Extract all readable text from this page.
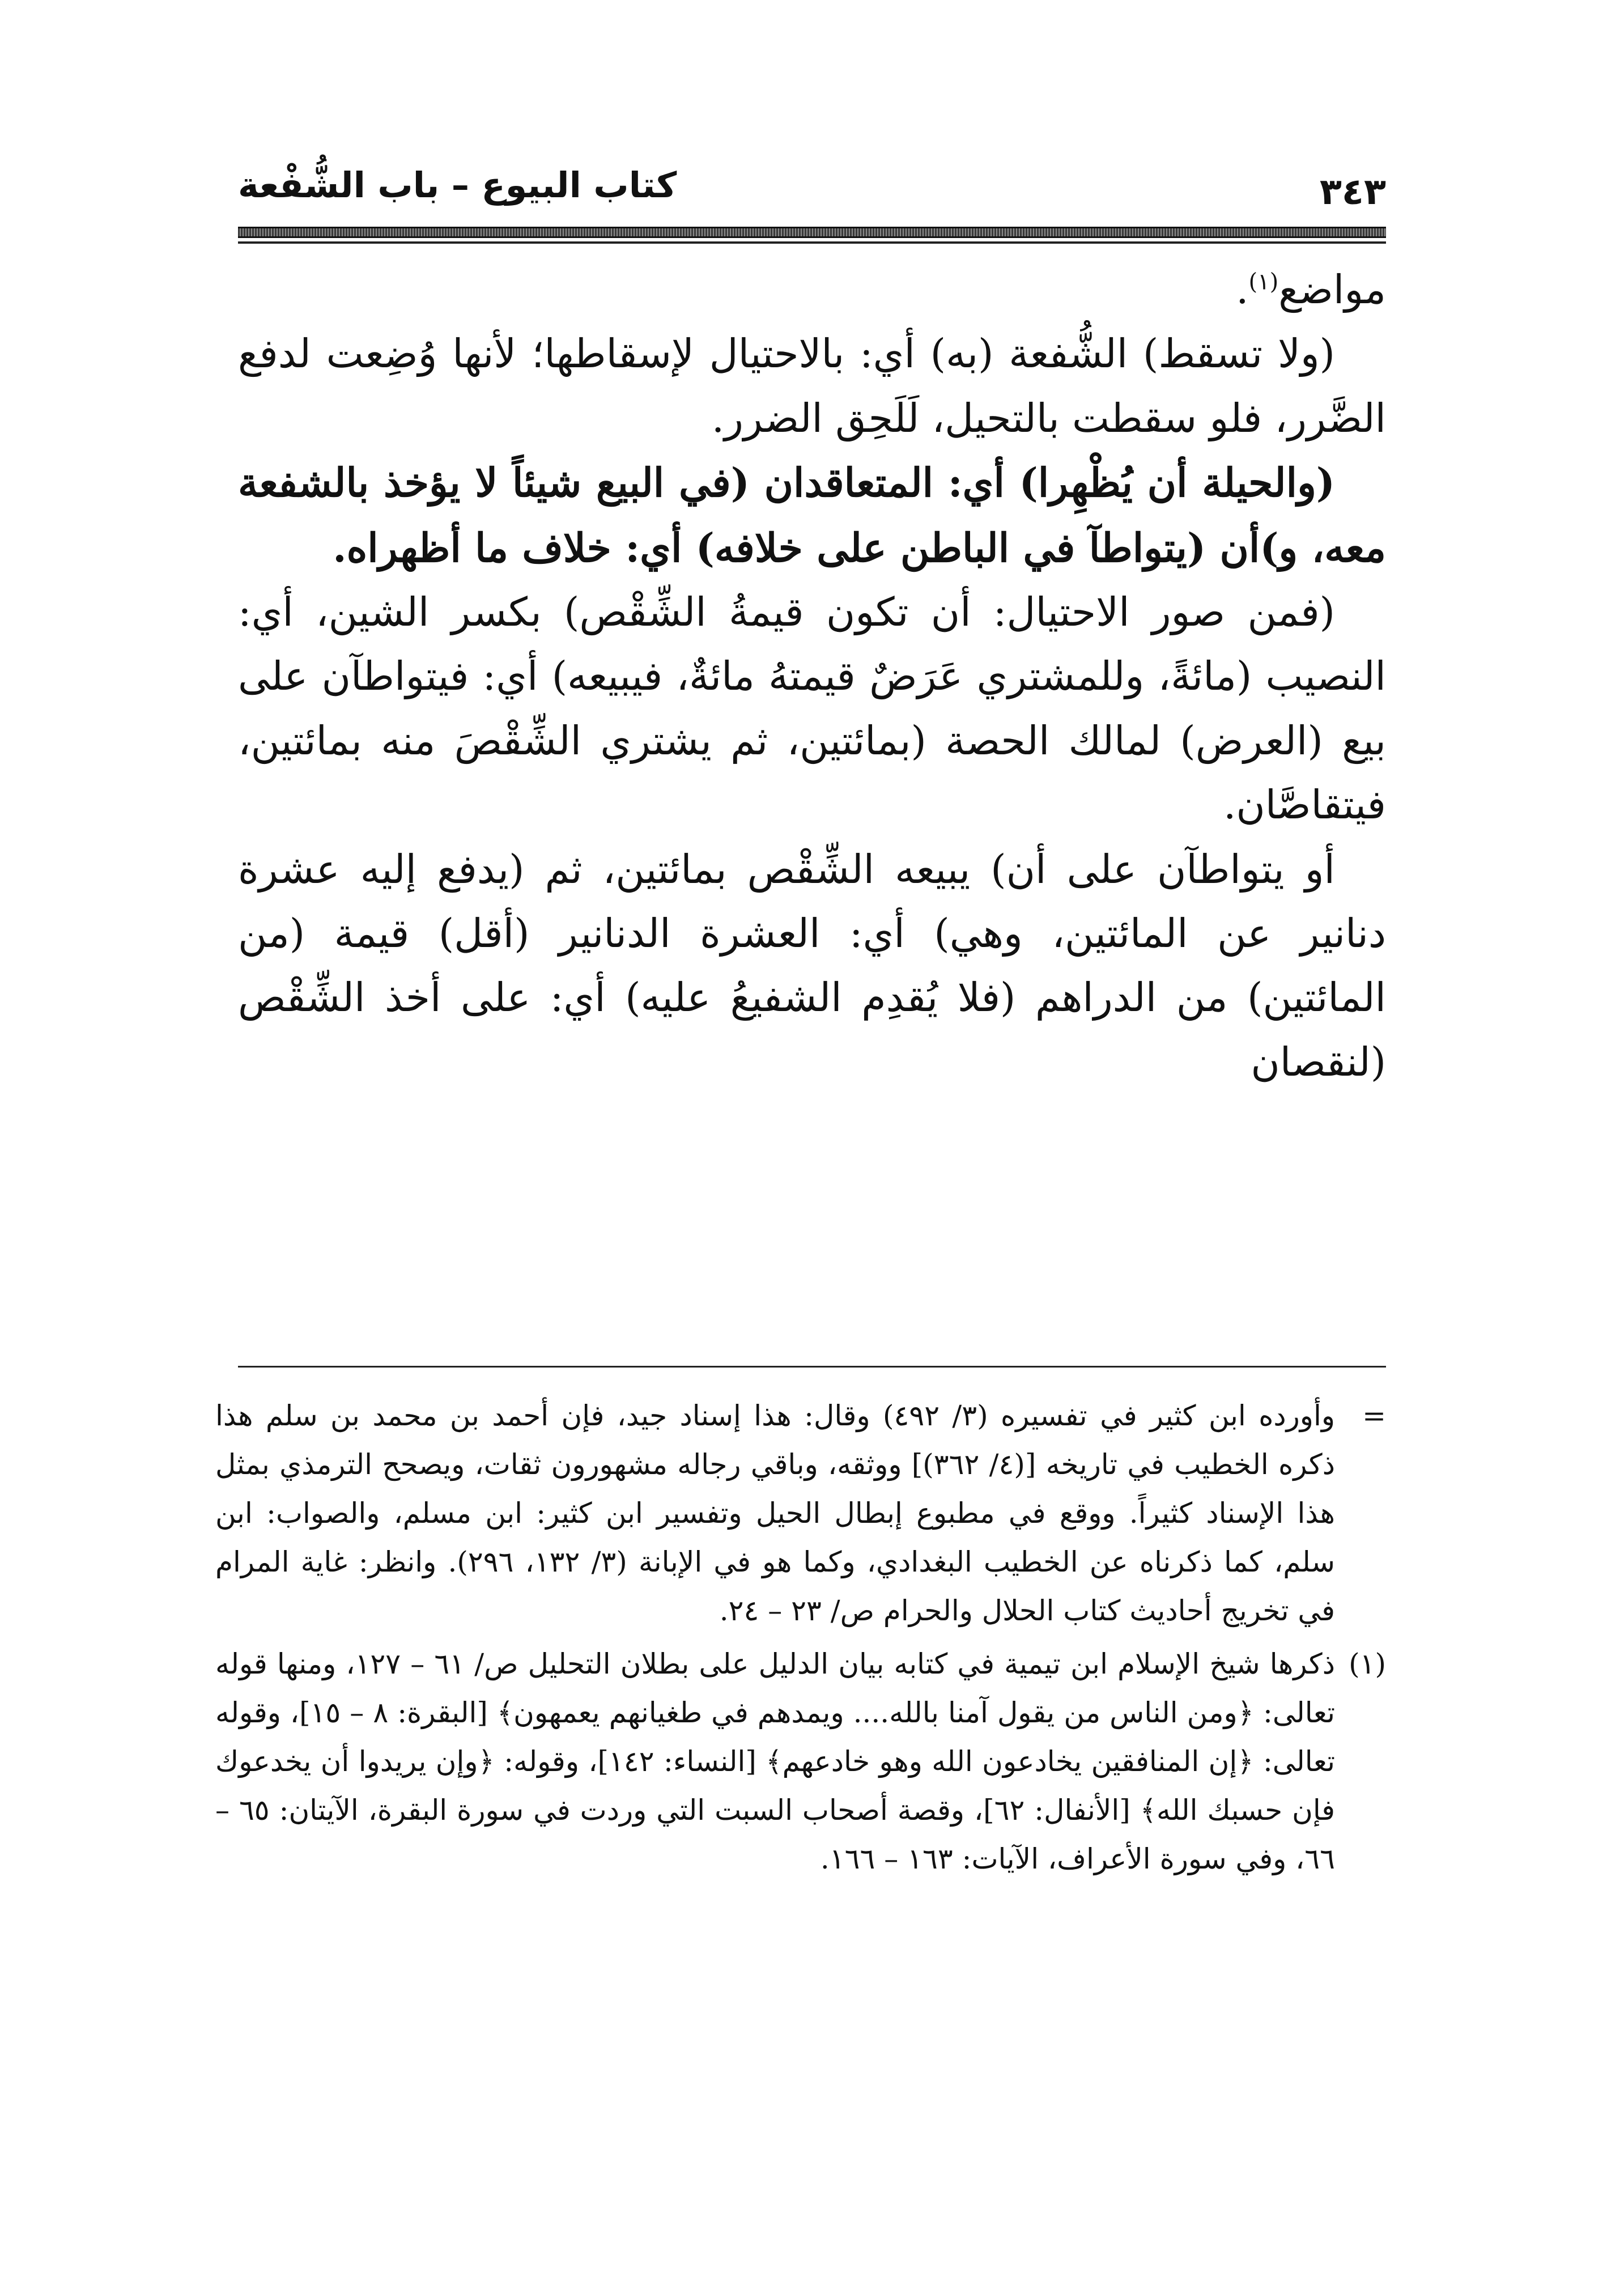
كتاب البيوع – باب الشُّفْعة	٣٤٣

مواضع$^{(١)}$.

(ولا تسقط) الشُّفعة (به) أي: بالاحتيال لإسقاطها؛ لأنها وُضِعت لدفع الضَّرر، فلو سقطت بالتحيل، لَلَحِق الضرر.

(والحيلة أن يُظْهِرا) أي: المتعاقدان (في البيع شيئاً لا يؤخذ بالشفعة معه، و)أن (يتواطآ في الباطن على خلافه) أي: خلاف ما أظهراه.

(فمن صور الاحتيال: أن تكون قيمةُ الشِّقْص) بكسر الشين، أي: النصيب (مائةً، وللمشتري عَرَضٌ قيمتهُ مائةٌ، فيبيعه) أي: فيتواطآن على بيع (العرض) لمالك الحصة (بمائتين، ثم يشتري الشِّقْصَ منه بمائتين، فيتقاصَّان.

أو يتواطآن على أن) يبيعه الشِّقْص بمائتين، ثم (يدفع إليه عشرة دنانير عن المائتين، وهي) أي: العشرة الدنانير (أقل) قيمة (من المائتين) من الدراهم (فلا يُقدِم الشفيعُ عليه) أي: على أخذ الشِّقْص (لنقصان

=
وأورده ابن كثير في تفسيره (٣/ ٤٩٢) وقال: هذا إسناد جيد، فإن أحمد بن محمد بن سلم هذا ذكره الخطيب في تاريخه [(٤/ ٣٦٢)] ووثقه، وباقي رجاله مشهورون ثقات، ويصحح الترمذي بمثل هذا الإسناد كثيراً. ووقع في مطبوع إبطال الحيل وتفسير ابن كثير: ابن مسلم، والصواب: ابن سلم، كما ذكرناه عن الخطيب البغدادي، وكما هو في الإبانة (٣/ ١٣٢، ٢٩٦). وانظر: غاية المرام في تخريج أحاديث كتاب الحلال والحرام ص/ ٢٣ – ٢٤.
(١)
ذكرها شيخ الإسلام ابن تيمية في كتابه بيان الدليل على بطلان التحليل ص/ ٦١ – ١٢٧، ومنها قوله تعالى: ﴿ومن الناس من يقول آمنا بالله.... ويمدهم في طغيانهم يعمهون﴾ [البقرة: ٨ – ١٥]، وقوله تعالى: ﴿إن المنافقين يخادعون الله وهو خادعهم﴾ [النساء: ١٤٢]، وقوله: ﴿وإن يريدوا أن يخدعوك فإن حسبك الله﴾ [الأنفال: ٦٢]، وقصة أصحاب السبت التي وردت في سورة البقرة، الآيتان: ٦٥ – ٦٦، وفي سورة الأعراف، الآيات: ١٦٣ – ١٦٦.
